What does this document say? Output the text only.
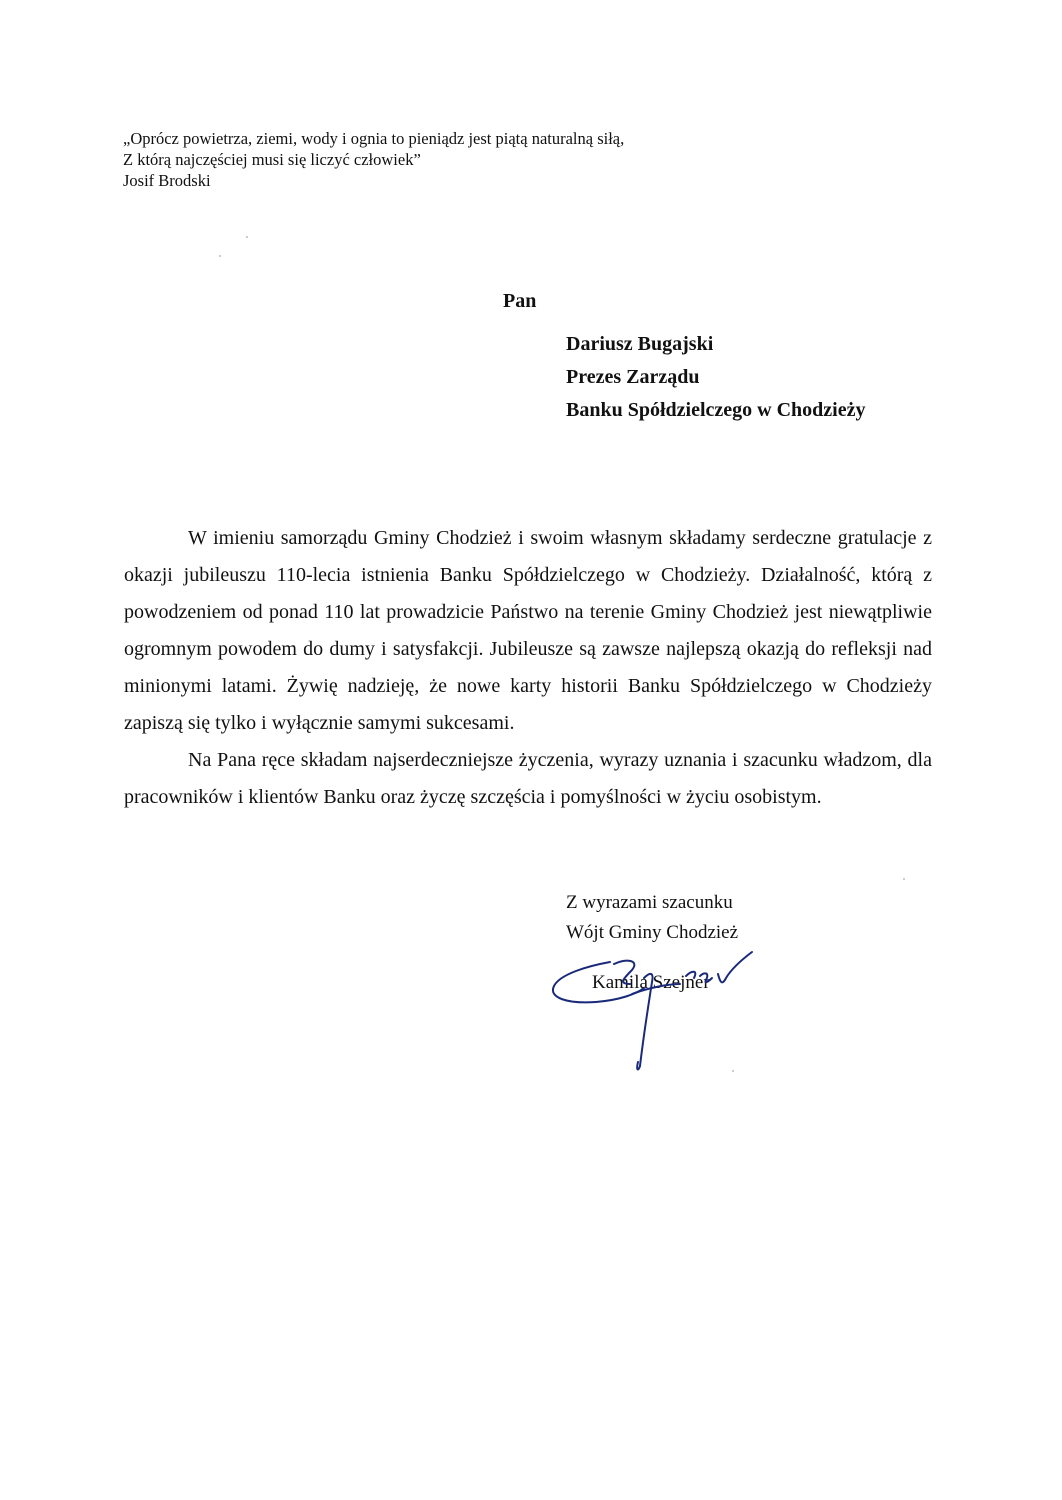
„Oprócz powietrza, ziemi, wody i ognia to pieniądz jest piątą naturalną siłą,
Z którą najczęściej musi się liczyć człowiek”
Josif Brodski
Pan
Dariusz Bugajski
Prezes Zarządu
Banku Spółdzielczego w Chodzieży

W imieniu samorządu Gminy Chodzież i swoim własnym składamy serdeczne gratulacje z okazji jubileuszu 110-lecia istnienia Banku Spółdzielczego w Chodzieży. Działalność, którą z powodzeniem od ponad 110 lat prowadzicie Państwo na terenie Gminy Chodzież jest niewątpliwie ogromnym powodem do dumy i satysfakcji. Jubileusze są zawsze najlepszą okazją do refleksji nad minionymi latami. Żywię nadzieję, że nowe karty historii Banku Spółdzielczego w Chodzieży zapiszą się tylko i wyłącznie samymi sukcesami.

Na Pana ręce składam najserdeczniejsze życzenia, wyrazy uznania i szacunku władzom, dla pracowników i klientów Banku oraz życzę szczęścia i pomyślności w życiu osobistym.

Z wyrazami szacunku
Wójt Gminy Chodzież
Kamila Szejner
